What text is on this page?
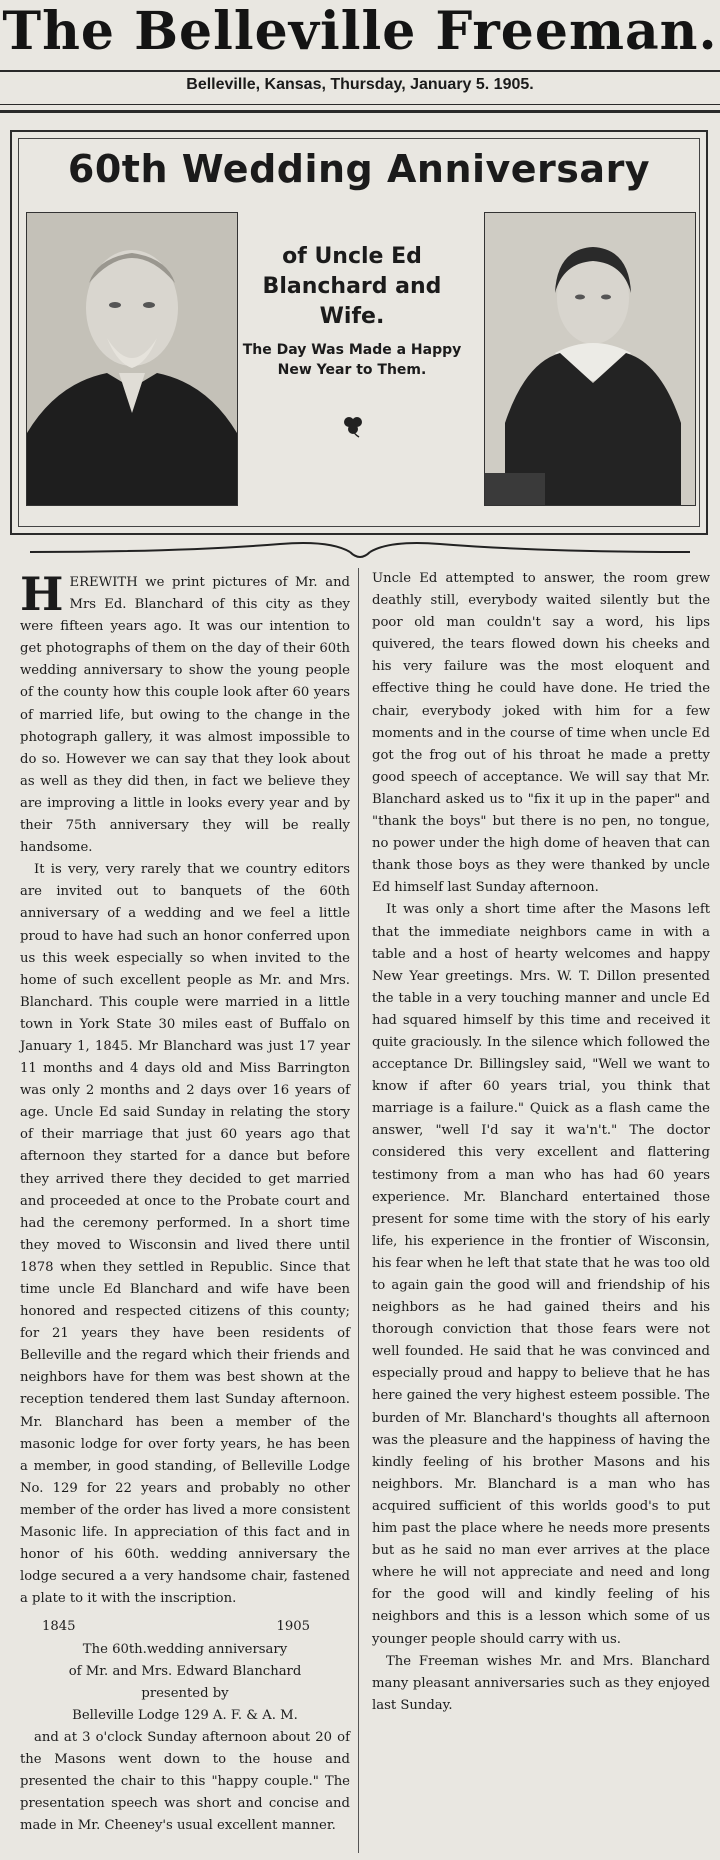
The Belleville Freeman.
Belleville, Kansas, Thursday, January 5. 1905.
60th Wedding Anniversary
of Uncle Ed Blanchard and Wife.
The Day Was Made a Happy New Year to Them.

HEREWITH we print pictures of Mr. and Mrs Ed. Blanchard of this city as they were fifteen years ago. It was our intention to get photographs of them on the day of their 60th wedding anniversary to show the young people of the county how this couple look after 60 years of married life, but owing to the change in the photograph gallery, it was almost impossible to do so. However we can say that they look about as well as they did then, in fact we believe they are improving a little in looks every year and by their 75th anniversary they will be really handsome.

It is very, very rarely that we country editors are invited out to banquets of the 60th anniversary of a wedding and we feel a little proud to have had such an honor conferred upon us this week especially so when invited to the home of such excellent people as Mr. and Mrs. Blanchard. This couple were married in a little town in York State 30 miles east of Buffalo on January 1, 1845. Mr Blanchard was just 17 year 11 months and 4 days old and Miss Barrington was only 2 months and 2 days over 16 years of age. Uncle Ed said Sunday in relating the story of their marriage that just 60 years ago that afternoon they started for a dance but before they arrived there they decided to get married and proceeded at once to the Probate court and had the ceremony performed. In a short time they moved to Wisconsin and lived there until 1878 when they settled in Republic. Since that time uncle Ed Blanchard and wife have been honored and respected citizens of this county; for 21 years they have been residents of Belleville and the regard which their friends and neighbors have for them was best shown at the reception tendered them last Sunday afternoon. Mr. Blanchard has been a member of the masonic lodge for over forty years, he has been a member, in good standing, of Belleville Lodge No. 129 for 22 years and probably no other member of the order has lived a more consistent Masonic life. In appreciation of this fact and in honor of his 60th. wedding anniversary the lodge secured a a very handsome chair, fastened a plate to it with the inscription.

1845	1905

The 60th.wedding anniversary

of Mr. and Mrs. Edward Blanchard

presented by

Belleville Lodge 129 A. F. & A. M.

and at 3 o'clock Sunday afternoon about 20 of the Masons went down to the house and presented the chair to this "happy couple." The presentation speech was short and concise and made in Mr. Cheeney's usual excellent manner.

Uncle Ed attempted to answer, the room grew deathly still, everybody waited silently but the poor old man couldn't say a word, his lips quivered, the tears flowed down his cheeks and his very failure was the most eloquent and effective thing he could have done. He tried the chair, everybody joked with him for a few moments and in the course of time when uncle Ed got the frog out of his throat he made a pretty good speech of acceptance. We will say that Mr. Blanchard asked us to "fix it up in the paper" and "thank the boys" but there is no pen, no tongue, no power under the high dome of heaven that can thank those boys as they were thanked by uncle Ed himself last Sunday afternoon.

It was only a short time after the Masons left that the immediate neighbors came in with a table and a host of hearty welcomes and happy New Year greetings. Mrs. W. T. Dillon presented the table in a very touching manner and uncle Ed had squared himself by this time and received it quite graciously. In the silence which followed the acceptance Dr. Billingsley said, "Well we want to know if after 60 years trial, you think that marriage is a failure." Quick as a flash came the answer, "well I'd say it wa'n't." The doctor considered this very excellent and flattering testimony from a man who has had 60 years experience. Mr. Blanchard entertained those present for some time with the story of his early life, his experience in the frontier of Wisconsin, his fear when he left that state that he was too old to again gain the good will and friendship of his neighbors as he had gained theirs and his thorough conviction that those fears were not well founded. He said that he was convinced and especially proud and happy to believe that he has here gained the very highest esteem possible. The burden of Mr. Blanchard's thoughts all afternoon was the pleasure and the happiness of having the kindly feeling of his brother Masons and his neighbors. Mr. Blanchard is a man who has acquired sufficient of this worlds good's to put him past the place where he needs more presents but as he said no man ever arrives at the place where he will not appreciate and need and long for the good will and kindly feeling of his neighbors and this is a lesson which some of us younger people should carry with us.

The Freeman wishes Mr. and Mrs. Blanchard many pleasant anniversaries such as they enjoyed last Sunday.
